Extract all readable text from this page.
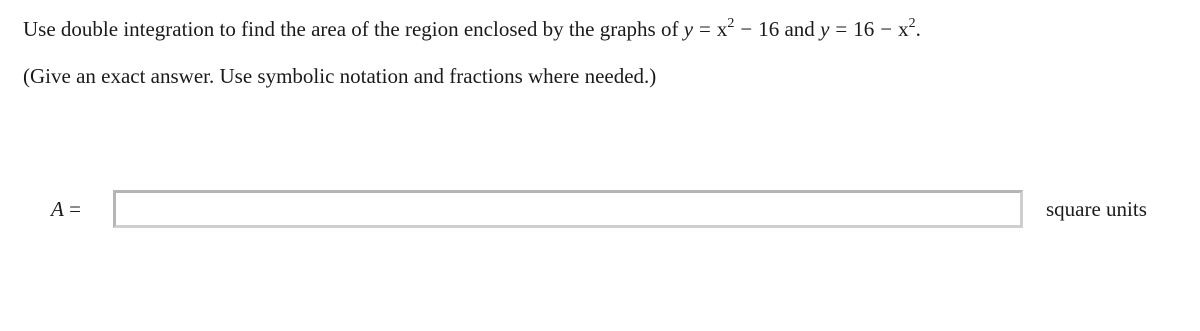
Use double integration to find the area of the region enclosed by the graphs of $y = x^2 - 16$ and $y = 16 - x^2$.
(Give an exact answer. Use symbolic notation and fractions where needed.)
A =	square units
